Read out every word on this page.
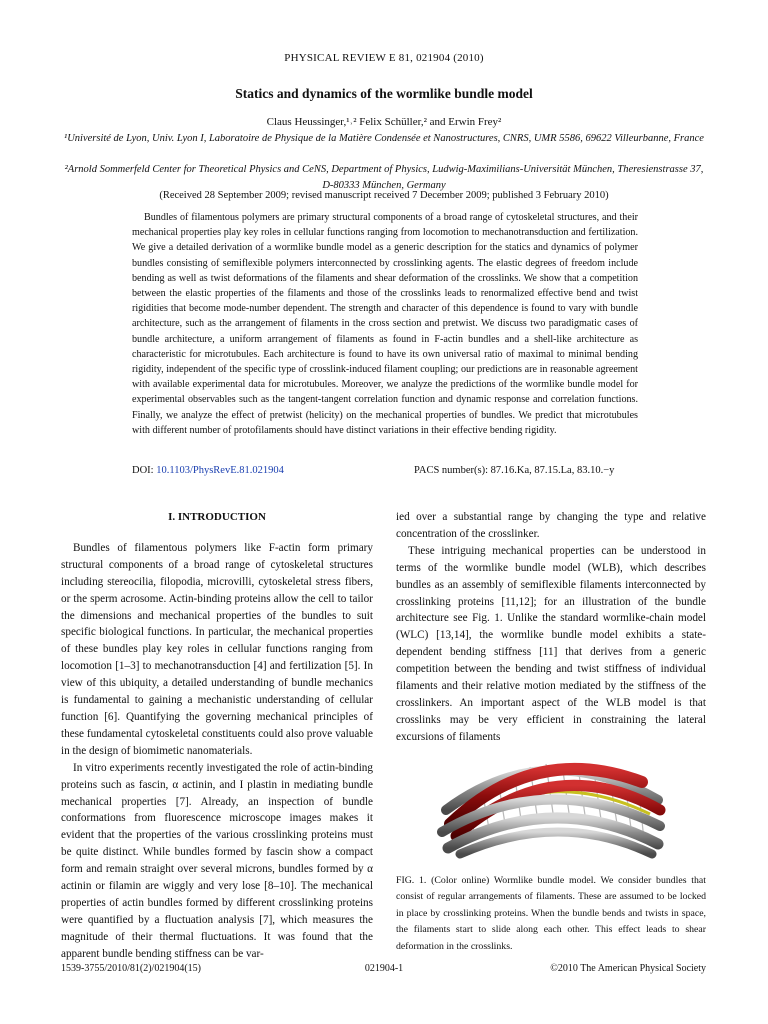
PHYSICAL REVIEW E 81, 021904 (2010)
Statics and dynamics of the wormlike bundle model
Claus Heussinger,¹˒² Felix Schüller,² and Erwin Frey²
¹Université de Lyon, Univ. Lyon I, Laboratoire de Physique de la Matière Condensée et Nanostructures, CNRS, UMR 5586, 69622 Villeurbanne, France
²Arnold Sommerfeld Center for Theoretical Physics and CeNS, Department of Physics, Ludwig-Maximilians-Universität München, Theresienstrasse 37, D-80333 München, Germany
(Received 28 September 2009; revised manuscript received 7 December 2009; published 3 February 2010)
Bundles of filamentous polymers are primary structural components of a broad range of cytoskeletal structures, and their mechanical properties play key roles in cellular functions ranging from locomotion to mechanotransduction and fertilization. We give a detailed derivation of a wormlike bundle model as a generic description for the statics and dynamics of polymer bundles consisting of semiflexible polymers interconnected by crosslinking agents. The elastic degrees of freedom include bending as well as twist deformations of the filaments and shear deformation of the crosslinks. We show that a competition between the elastic properties of the filaments and those of the crosslinks leads to renormalized effective bend and twist rigidities that become mode-number dependent. The strength and character of this dependence is found to vary with bundle architecture, such as the arrangement of filaments in the cross section and pretwist. We discuss two paradigmatic cases of bundle architecture, a uniform arrangement of filaments as found in F-actin bundles and a shell-like architecture as characteristic for microtubules. Each architecture is found to have its own universal ratio of maximal to minimal bending rigidity, independent of the specific type of crosslink-induced filament coupling; our predictions are in reasonable agreement with available experimental data for microtubules. Moreover, we analyze the predictions of the wormlike bundle model for experimental observables such as the tangent-tangent correlation function and dynamic response and correlation functions. Finally, we analyze the effect of pretwist (helicity) on the mechanical properties of bundles. We predict that microtubules with different number of protofilaments should have distinct variations in their effective bending rigidity.
DOI: 10.1103/PhysRevE.81.021904	PACS number(s): 87.16.Ka, 87.15.La, 83.10.−y

I. INTRODUCTION

Bundles of filamentous polymers like F-actin form primary structural components of a broad range of cytoskeletal structures including stereocilia, filopodia, microvilli, cytoskeletal stress fibers, or the sperm acrosome. Actin-binding proteins allow the cell to tailor the dimensions and mechanical properties of the bundles to suit specific biological functions. In particular, the mechanical properties of these bundles play key roles in cellular functions ranging from locomotion [1–3] to mechanotransduction [4] and fertilization [5]. In view of this ubiquity, a detailed understanding of bundle mechanics is fundamental to gaining a mechanistic understanding of cellular function [6]. Quantifying the governing mechanical principles of these fundamental cytoskeletal constituents could also prove valuable in the design of biomimetic nanomaterials.

In vitro experiments recently investigated the role of actin-binding proteins such as fascin, α actinin, and I plastin in mediating bundle mechanical properties [7]. Already, an inspection of bundle conformations from fluorescence microscope images makes it evident that the properties of the various crosslinking proteins must be quite distinct. While bundles formed by fascin show a compact form and remain straight over several microns, bundles formed by α actinin or filamin are wiggly and very lose [8–10]. The mechanical properties of actin bundles formed by different crosslinking proteins were quantified by a fluctuation analysis [7], which measures the magnitude of their thermal fluctuations. It was found that the apparent bundle bending stiffness can be var-

ied over a substantial range by changing the type and relative concentration of the crosslinker.

These intriguing mechanical properties can be understood in terms of the wormlike bundle model (WLB), which describes bundles as an assembly of semiflexible filaments interconnected by crosslinking proteins [11,12]; for an illustration of the bundle architecture see Fig. 1. Unlike the standard wormlike-chain model (WLC) [13,14], the wormlike bundle model exhibits a state-dependent bending stiffness [11] that derives from a generic competition between the bending and twist stiffness of individual filaments and their relative motion mediated by the stiffness of the crosslinkers. An important aspect of the WLB model is that crosslinks may be very efficient in constraining the lateral excursions of filaments

FIG. 1. (Color online) Wormlike bundle model. We consider bundles that consist of regular arrangements of filaments. These are assumed to be locked in place by crosslinking proteins. When the bundle bends and twists in space, the filaments start to slide along each other. This effect leads to shear deformation in the crosslinks.
1539-3755/2010/81(2)/021904(15)	021904-1	©2010 The American Physical Society
